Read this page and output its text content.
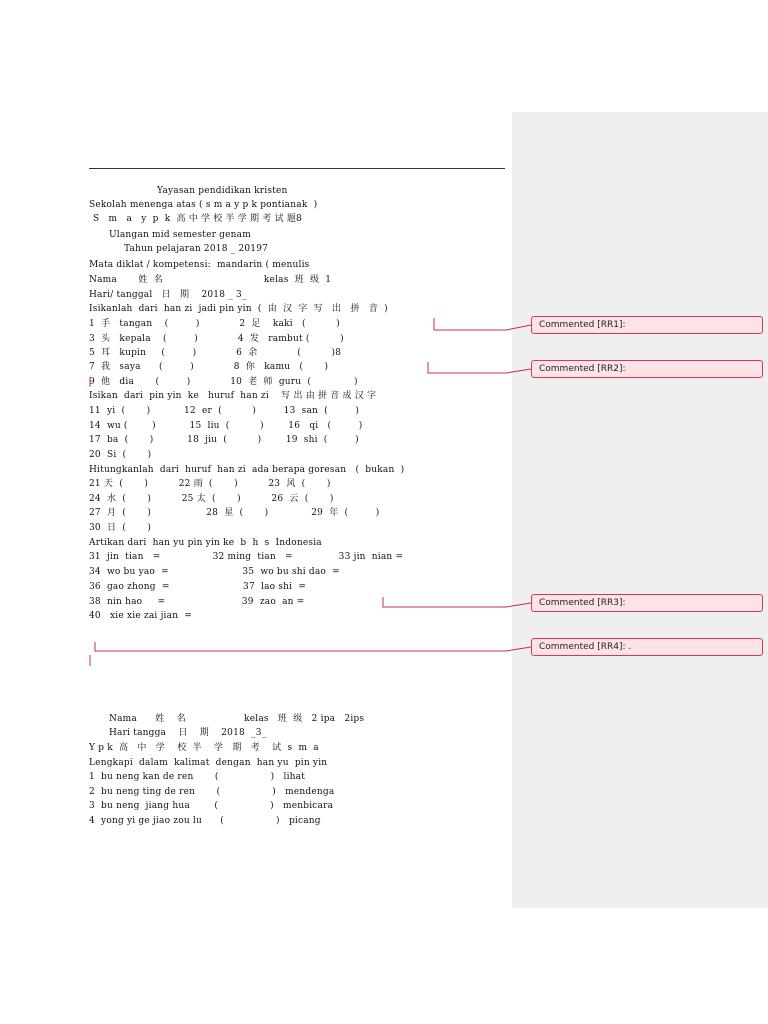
Yayasan pendidikan kristen
Sekolah menenga atas ( s m a y p k pontianak  )
S   m   a   y  p  k  高 中 学 校 半 学 期 考 试 题8
Ulangan mid semester genam
Tahun pelajaran 2018 _ 20197
Mata diklat / kompetensi:  mandarin ( menulis
Nama       姓  名                                 kelas  班  级  1
Hari/ tanggal   日   期    2018 _ 3_
Isikanlah  dari  han zi  jadi pin yin  (  由  汉  字  写   出   拼   音  )
1  手   tangan    (         )             2  足    kaki   (          )
3  头   kepala    (         )             4  发   rambut (          )
5  耳   kupin     (         )             6  余             (          )8
7  我   saya      (         )             8  你   kamu   (       )
9  他   dia       (         )             10  老  师  guru  (              )
Isikan  dari  pin yin  ke   huruf  han zi    写 出 由 拼 音 成 汉 字
11  yi  (       )           12  er  (          )         13  san  (         )
14  wu (        )           15  liu  (          )        16   qi   (         )
17  ba  (       )           18  jiu  (          )        19  shi  (         )
20  Si  (       )
Hitungkanlah  dari  huruf  han zi  ada berapa goresan   (  bukan  )
21 天  (       )          22 雨  (       )          23  风  (       )
24  水  (       )          25 太  (       )          26  云  (       )
27  月  (       )                  28  星  (       )              29  年  (         )
30  日  (       )
Artikan dari  han yu pin yin ke  b  h  s  Indonesia
31  jin  tian   =                 32 ming  tian   =               33 jin  nian =
34  wo bu yao  =                        35  wo bu shi dao  =
36  gao zhong  =                        37  lao shi  =
38  nin hao     =                         39  zao  an =
40   xie xie zai jian  =
Nama      姓    名                   kelas   班  级   2 ipa   2ips
Hari tangga    日    期    2018  _3_
Y p k  高   中   学    校  半    学   期   考    试  s  m  a
Lengkapi  dalam  kalimat  dengan  han yu  pin yin
1  bu neng kan de ren       (                 )   lihat
2  bu neng ting de ren       (                 )   mendenga
3  bu neng  jiang hua        (                 )   menbicara
4  yong yi ge jiao zou lu      (                 )   picang
Commented [RR1]:
Commented [RR2]:
Commented [RR3]:
Commented [RR4]: .
